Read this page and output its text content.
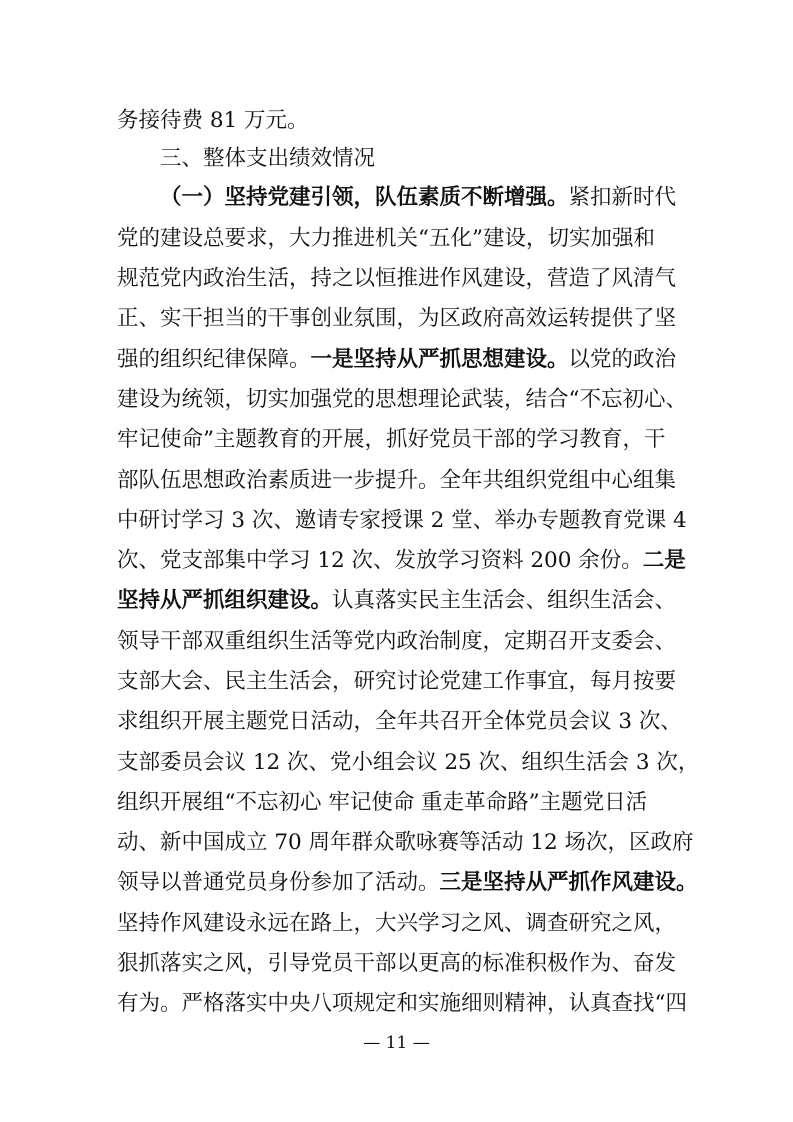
务接待费 81 万元。
三、整体支出绩效情况
（一）坚持党建引领，队伍素质不断增强。紧扣新时代
党的建设总要求，大力推进机关“五化”建设，切实加强和
规范党内政治生活，持之以恒推进作风建设，营造了风清气
正、实干担当的干事创业氛围，为区政府高效运转提供了坚
强的组织纪律保障。一是坚持从严抓思想建设。以党的政治
建设为统领，切实加强党的思想理论武装，结合“不忘初心、
牢记使命”主题教育的开展，抓好党员干部的学习教育，干
部队伍思想政治素质进一步提升。全年共组织党组中心组集
中研讨学习 3 次、邀请专家授课 2 堂、举办专题教育党课 4
次、党支部集中学习 12 次、发放学习资料 200 余份。二是
坚持从严抓组织建设。认真落实民主生活会、组织生活会、
领导干部双重组织生活等党内政治制度，定期召开支委会、
支部大会、民主生活会，研究讨论党建工作事宜，每月按要
求组织开展主题党日活动，全年共召开全体党员会议 3 次、
支部委员会议 12 次、党小组会议 25 次、组织生活会 3 次，
组织开展组“不忘初心 牢记使命 重走革命路”主题党日活
动、新中国成立 70 周年群众歌咏赛等活动 12 场次，区政府
领导以普通党员身份参加了活动。三是坚持从严抓作风建设。
坚持作风建设永远在路上，大兴学习之风、调查研究之风，
狠抓落实之风，引导党员干部以更高的标准积极作为、奋发
有为。严格落实中央八项规定和实施细则精神，认真查找“四
— 11 —
